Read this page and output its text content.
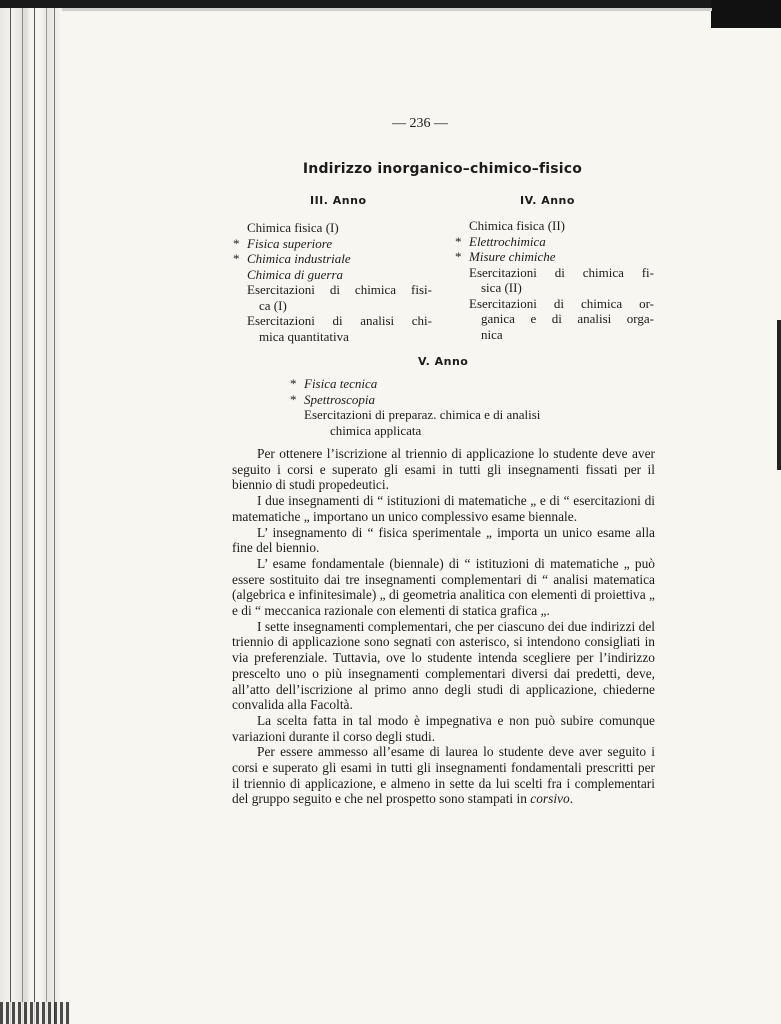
— 236 —
Indirizzo inorganico–chimico–fisico
III. Anno	IV. Anno
Chimica fisica (I)
* Fisica superiore
* Chimica industriale
Chimica di guerra
Esercitazioni di chimica fisi-
ca (I)
Esercitazioni di analisi chi-
mica quantitativa
Chimica fisica (II)
* Elettrochimica
* Misure chimiche
Esercitazioni di chimica fi-
sica (II)
Esercitazioni di chimica or-
ganica e di analisi orga-
nica
V. Anno
* Fisica tecnica
* Spettroscopia
Esercitazioni di preparaz. chimica e di analisi
chimica applicata

Per ottenere l’iscrizione al triennio di applicazione lo studente deve aver seguito i corsi e superato gli esami in tutti gli insegnamenti fissati per il biennio di studi propedeutici.

I due insegnamenti di “ istituzioni di matematiche „ e di “ esercitazioni di matematiche „ importano un unico complessivo esame biennale.

L’ insegnamento di “ fisica sperimentale „ importa un unico esame alla fine del biennio.

L’ esame fondamentale (biennale) di “ istituzioni di matematiche „ può essere sostituito dai tre insegnamenti complementari di “ analisi matematica (algebrica e infinitesimale) „ di geometria analitica con elementi di proiettiva „ e di “ meccanica razionale con elementi di statica grafica „.

I sette insegnamenti complementari, che per ciascuno dei due indirizzi del triennio di applicazione sono segnati con asterisco, si intendono consigliati in via preferenziale. Tuttavia, ove lo studente intenda scegliere per l’indirizzo prescelto uno o più insegnamenti complementari diversi dai predetti, deve, all’atto dell’iscrizione al primo anno degli studi di applicazione, chiederne convalida alla Facoltà.

La scelta fatta in tal modo è impegnativa e non può subire comunque variazioni durante il corso degli studi.

Per essere ammesso all’esame di laurea lo studente deve aver seguito i corsi e superato gli esami in tutti gli insegnamenti fondamentali prescritti per il triennio di applicazione, e almeno in sette da lui scelti fra i complementari del gruppo seguito e che nel prospetto sono stampati in corsivo.
